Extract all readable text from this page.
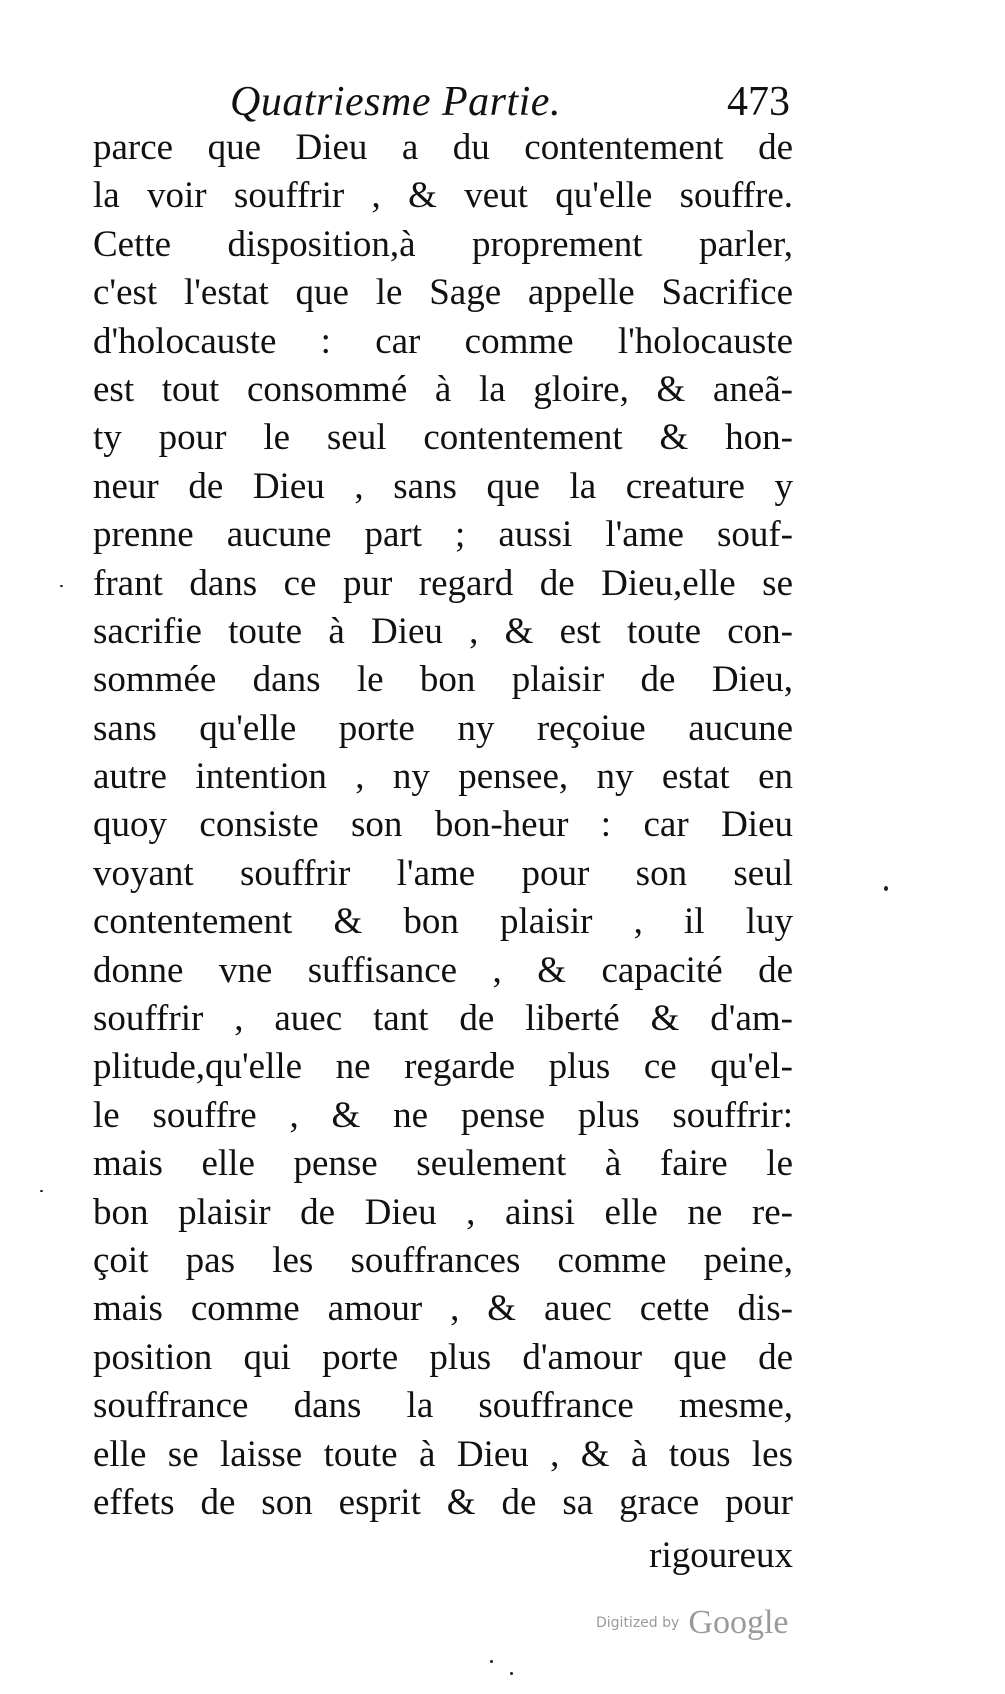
Quatriesme Partie.	473
parce que Dieu a du contentement de
la voir souffrir , & veut qu'elle souffre.
Cette disposition,à proprement parler,
c'est l'estat que le Sage appelle Sacrifice
d'holocauste : car comme l'holocauste
est tout consommé à la gloire, & aneã-
ty pour le seul contentement & hon-
neur de Dieu , sans que la creature y
prenne aucune part ; aussi l'ame souf-
frant dans ce pur regard de Dieu,elle se
sacrifie toute à Dieu , & est toute con-
sommée dans le bon plaisir de Dieu,
sans qu'elle porte ny reçoiue aucune
autre intention , ny pensee, ny estat en
quoy consiste son bon-heur : car Dieu
voyant souffrir l'ame pour son seul
contentement & bon plaisir , il luy
donne vne suffisance , & capacité de
souffrir , auec tant de liberté & d'am-
plitude,qu'elle ne regarde plus ce qu'el-
le souffre , & ne pense plus souffrir:
mais elle pense seulement à faire le
bon plaisir de Dieu , ainsi elle ne re-
çoit pas les souffrances comme peine,
mais comme amour , & auec cette dis-
position qui porte plus d'amour que de
souffrance dans la souffrance mesme,
elle se laisse toute à Dieu , & à tous les
effets de son esprit & de sa grace pour
rigoureux
Digitized by Google
